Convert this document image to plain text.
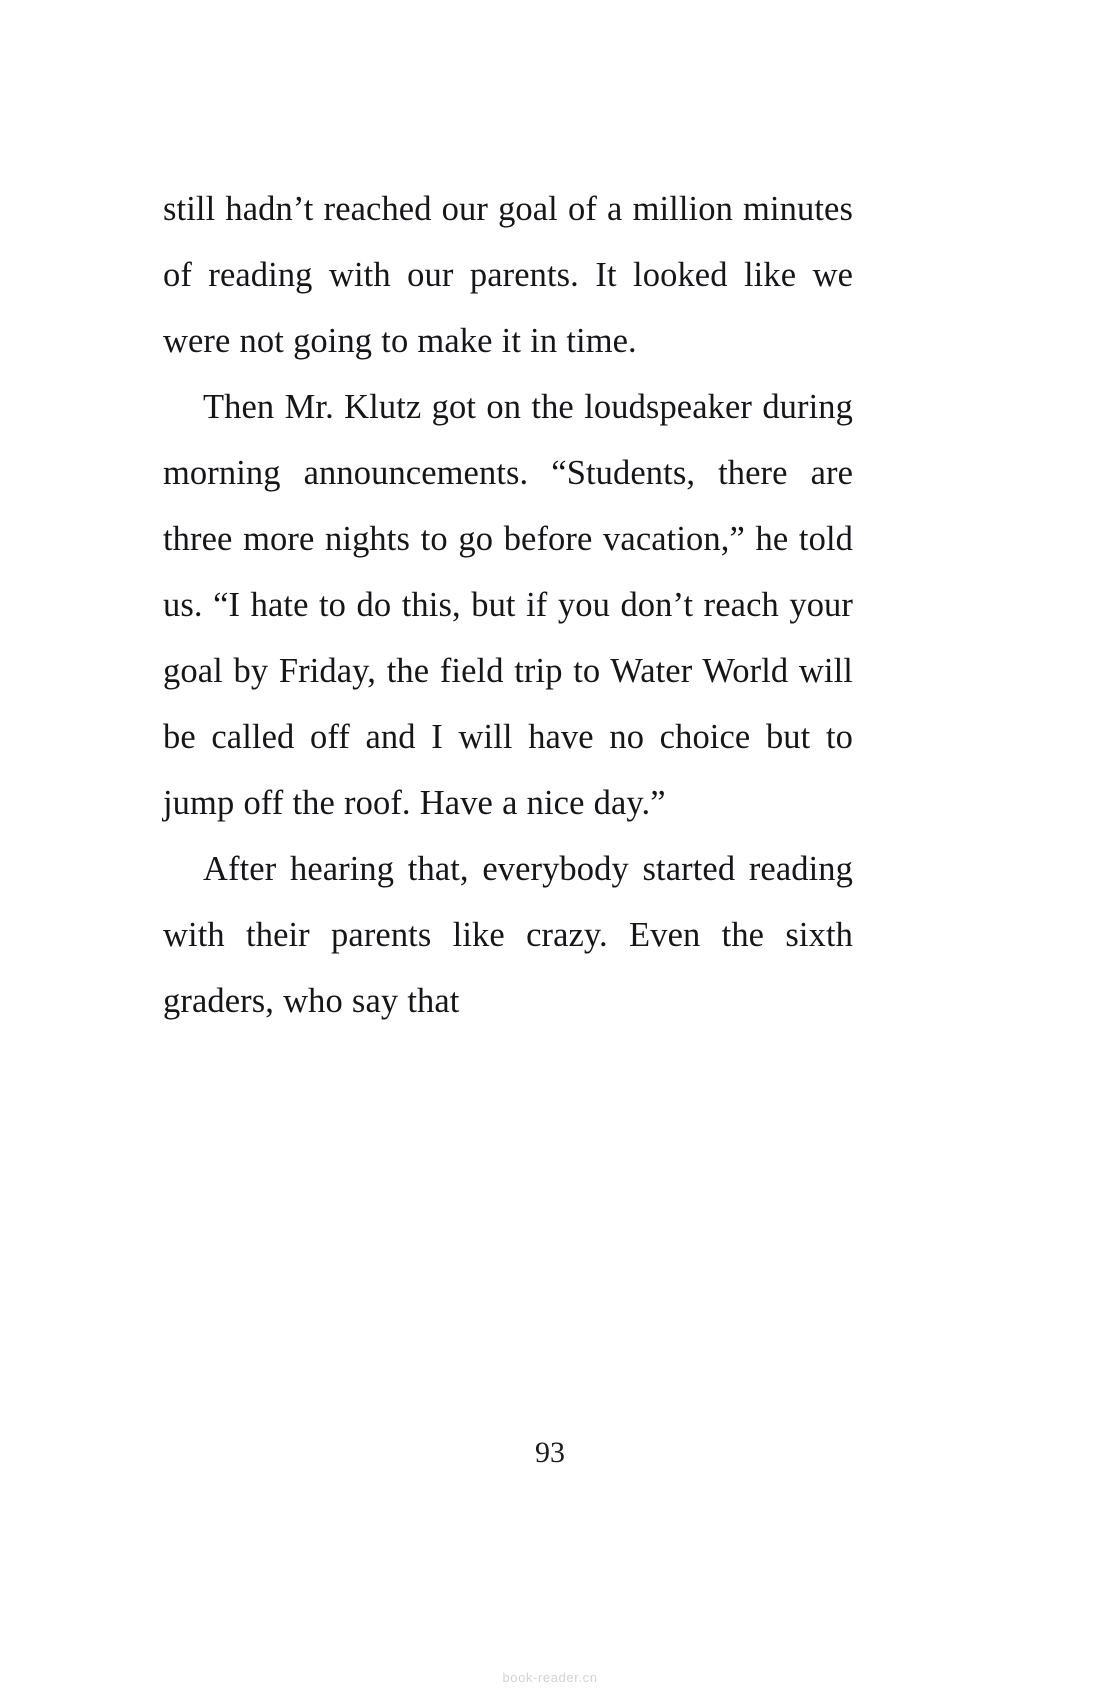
still hadn’t reached our goal of a million minutes of reading with our parents. It looked like we were not going to make it in time.

Then Mr. Klutz got on the loudspeaker during morning announcements. “Students, there are three more nights to go before vacation,” he told us. “I hate to do this, but if you don’t reach your goal by Friday, the field trip to Water World will be called off and I will have no choice but to jump off the roof. Have a nice day.”

After hearing that, everybody started reading with their parents like crazy. Even the sixth graders, who say that

93
book-reader.cn
